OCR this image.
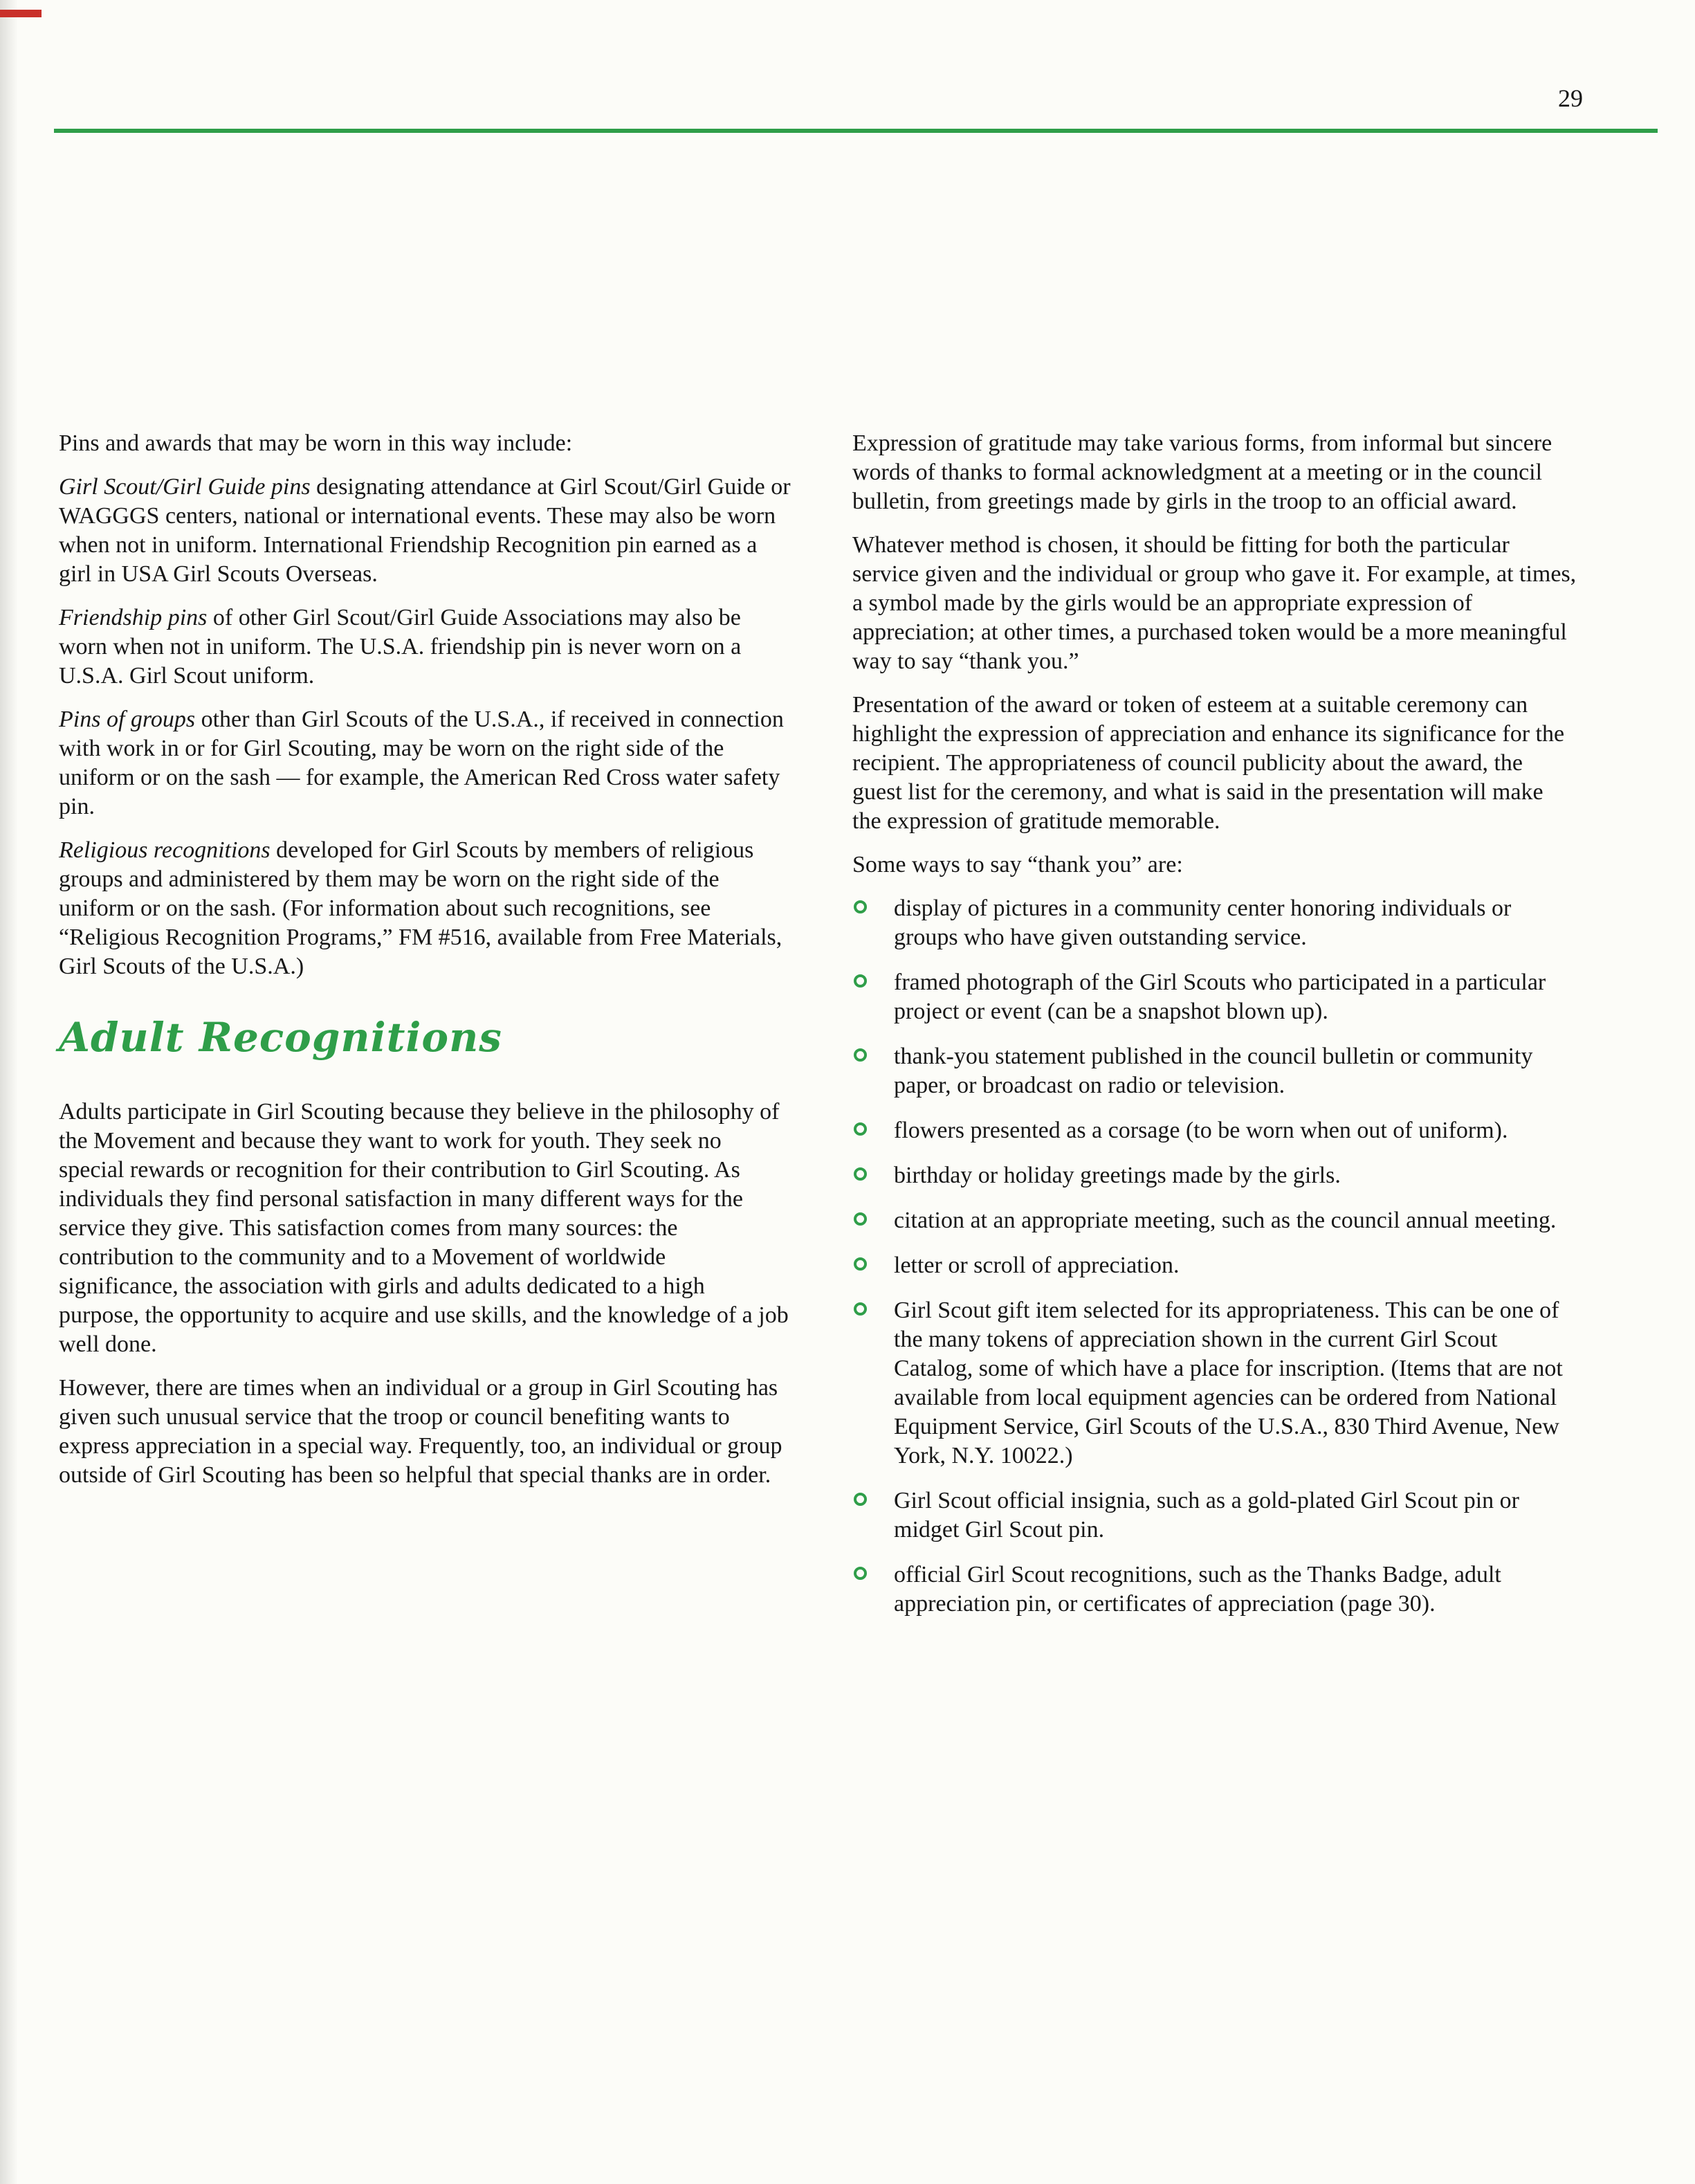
29

Pins and awards that may be worn in this way include:

Girl Scout/Girl Guide pins designating attendance at Girl Scout/Girl Guide or WAGGGS centers, national or international events. These may also be worn when not in uniform. International Friendship Recognition pin earned as a girl in USA Girl Scouts Overseas.

Friendship pins of other Girl Scout/Girl Guide Associations may also be worn when not in uniform. The U.S.A. friendship pin is never worn on a U.S.A. Girl Scout uniform.

Pins of groups other than Girl Scouts of the U.S.A., if received in connection with work in or for Girl Scouting, may be worn on the right side of the uniform or on the sash — for example, the American Red Cross water safety pin.

Religious recognitions developed for Girl Scouts by members of religious groups and administered by them may be worn on the right side of the uniform or on the sash. (For information about such recognitions, see “Religious Recognition Programs,” FM #516, available from Free Materials, Girl Scouts of the U.S.A.)

Adult Recognitions

Adults participate in Girl Scouting because they believe in the philosophy of the Movement and because they want to work for youth. They seek no special rewards or recognition for their contribution to Girl Scouting. As individuals they find personal satisfaction in many different ways for the service they give. This satisfaction comes from many sources: the contribution to the community and to a Movement of worldwide significance, the association with girls and adults dedicated to a high purpose, the opportunity to acquire and use skills, and the knowledge of a job well done.

However, there are times when an individual or a group in Girl Scouting has given such unusual service that the troop or council benefiting wants to express appreciation in a special way. Frequently, too, an individual or group outside of Girl Scouting has been so helpful that special thanks are in order.

Expression of gratitude may take various forms, from informal but sincere words of thanks to formal acknowledgment at a meeting or in the council bulletin, from greetings made by girls in the troop to an official award.

Whatever method is chosen, it should be fitting for both the particular service given and the individual or group who gave it. For example, at times, a symbol made by the girls would be an appropriate expression of appreciation; at other times, a purchased token would be a more meaningful way to say “thank you.”

Presentation of the award or token of esteem at a suitable ceremony can highlight the expression of appreciation and enhance its significance for the recipient. The appropriateness of council publicity about the award, the guest list for the ceremony, and what is said in the presentation will make the expression of gratitude memorable.

Some ways to say “thank you” are:

display of pictures in a community center honoring individuals or groups who have given outstanding service.
framed photograph of the Girl Scouts who participated in a particular project or event (can be a snapshot blown up).
thank-you statement published in the council bulletin or community paper, or broadcast on radio or television.
flowers presented as a corsage (to be worn when out of uniform).
birthday or holiday greetings made by the girls.
citation at an appropriate meeting, such as the council annual meeting.
letter or scroll of appreciation.
Girl Scout gift item selected for its appropriateness. This can be one of the many tokens of appreciation shown in the current Girl Scout Catalog, some of which have a place for inscription. (Items that are not available from local equipment agencies can be ordered from National Equipment Service, Girl Scouts of the U.S.A., 830 Third Avenue, New York, N.Y. 10022.)
Girl Scout official insignia, such as a gold-plated Girl Scout pin or midget Girl Scout pin.
official Girl Scout recognitions, such as the Thanks Badge, adult appreciation pin, or certificates of appreciation (page 30).
